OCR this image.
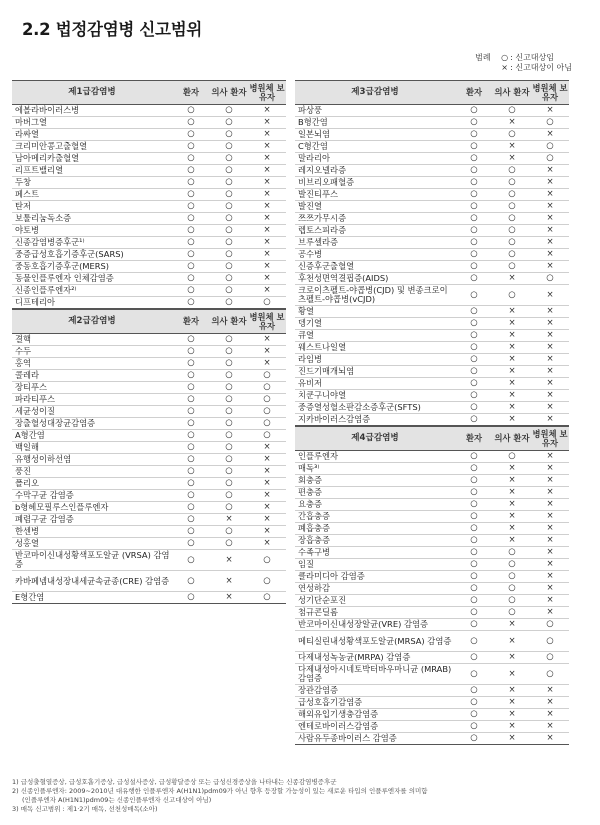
2.2 법정감염병 신고범위
범례	○ : 신고대상임
× : 신고대상이 아님
제1급감염병	환자	의사 환자	병원체 보유자
에볼라바이러스병	○	○	×
마버그열	○	○	×
라싸열	○	○	×
크리미안콩고출혈열	○	○	×
남아메리카출혈열	○	○	×
리프트밸리열	○	○	×
두창	○	○	×
페스트	○	○	×
탄저	○	○	×
보툴리눔독소증	○	○	×
야토병	○	○	×
신종감염병증후군¹⁾	○	○	×
중증급성호흡기증후군(SARS)	○	○	×
중동호흡기증후군(MERS)	○	○	×
동물인플루엔자 인체감염증	○	○	×
신종인플루엔자²⁾	○	○	×
디프테리아	○	○	○
제2급감염병	환자	의사 환자	병원체 보유자
결핵	○	○	×
수두	○	○	×
홍역	○	○	×
콜레라	○	○	○
장티푸스	○	○	○
파라티푸스	○	○	○
세균성이질	○	○	○
장출혈성대장균감염증	○	○	○
A형간염	○	○	○
백일해	○	○	×
유행성이하선염	○	○	×
풍진	○	○	×
폴리오	○	○	×
수막구균 감염증	○	○	×
b형헤모필루스인플루엔자	○	○	×
폐렴구균 감염증	○	×	×
한센병	○	○	×
성홍열	○	○	×
반코마이신내성황색포도알균 (VRSA) 감염증	○	×	○
카바페넴내성장내세균속균종(CRE) 감염증	○	×	○
E형간염	○	×	○
제3급감염병	환자	의사 환자	병원체 보유자
파상풍	○	○	×
B형간염	○	×	○
일본뇌염	○	○	×
C형간염	○	×	○
말라리아	○	×	○
레지오넬라증	○	○	×
비브리오패혈증	○	○	×
발진티푸스	○	○	×
발진열	○	○	×
쯔쯔가무시증	○	○	×
렙토스피라증	○	○	×
브루셀라증	○	○	×
공수병	○	○	×
신증후군출혈열	○	○	×
후천성면역결핍증(AIDS)	○	×	○
크로이츠펠트-야콥병(CJD) 및 변종크로이츠펠트-야콥병(vCJD)	○	○	×
황열	○	×	×
뎅기열	○	×	×
큐열	○	×	×
웨스트나일열	○	×	×
라임병	○	×	×
진드기매개뇌염	○	×	×
유비저	○	×	×
치쿤구니야열	○	×	×
중증열성혈소판감소증후군(SFTS)	○	×	×
지카바이러스감염증	○	×	×
제4급감염병	환자	의사 환자	병원체 보유자
인플루엔자	○	○	×
매독³⁾	○	×	×
회충증	○	×	×
편충증	○	×	×
요충증	○	×	×
간흡충증	○	×	×
폐흡충증	○	×	×
장흡충증	○	×	×
수족구병	○	○	×
임질	○	○	×
클라미디아 감염증	○	○	×
연성하감	○	○	×
성기단순포진	○	○	×
첨규콘딜롬	○	○	×
반코마이신내성장알균(VRE) 감염증	○	×	○
메티실린내성황색포도알균(MRSA) 감염증	○	×	○
다제내성녹농균(MRPA) 감염증	○	×	○
다제내성아시네토박터바우마니균 (MRAB) 감염증	○	×	○
장관감염증	○	×	×
급성호흡기감염증	○	×	×
해외유입기생충감염증	○	×	×
엔테로바이러스감염증	○	×	×
사람유두종바이러스 감염증	○	×	×
1) 급성출혈열증상, 급성호흡기증상, 급성설사증상, 급성황달증상 또는 급성신경증상을 나타내는 신종감염병증후군
2) 신종인플루엔자: 2009~2010년 대유행한 인플루엔자 A(H1N1)pdm09가 아닌 향후 등장할 가능성이 있는 새로운 타입의 인플루엔자를 의미함
(인플루엔자 A(H1N1)pdm09는 신종인플루엔자 신고대상이 아님)
3) 매독 신고범위 : 제1·2기 매독, 선천성매독(소아)
